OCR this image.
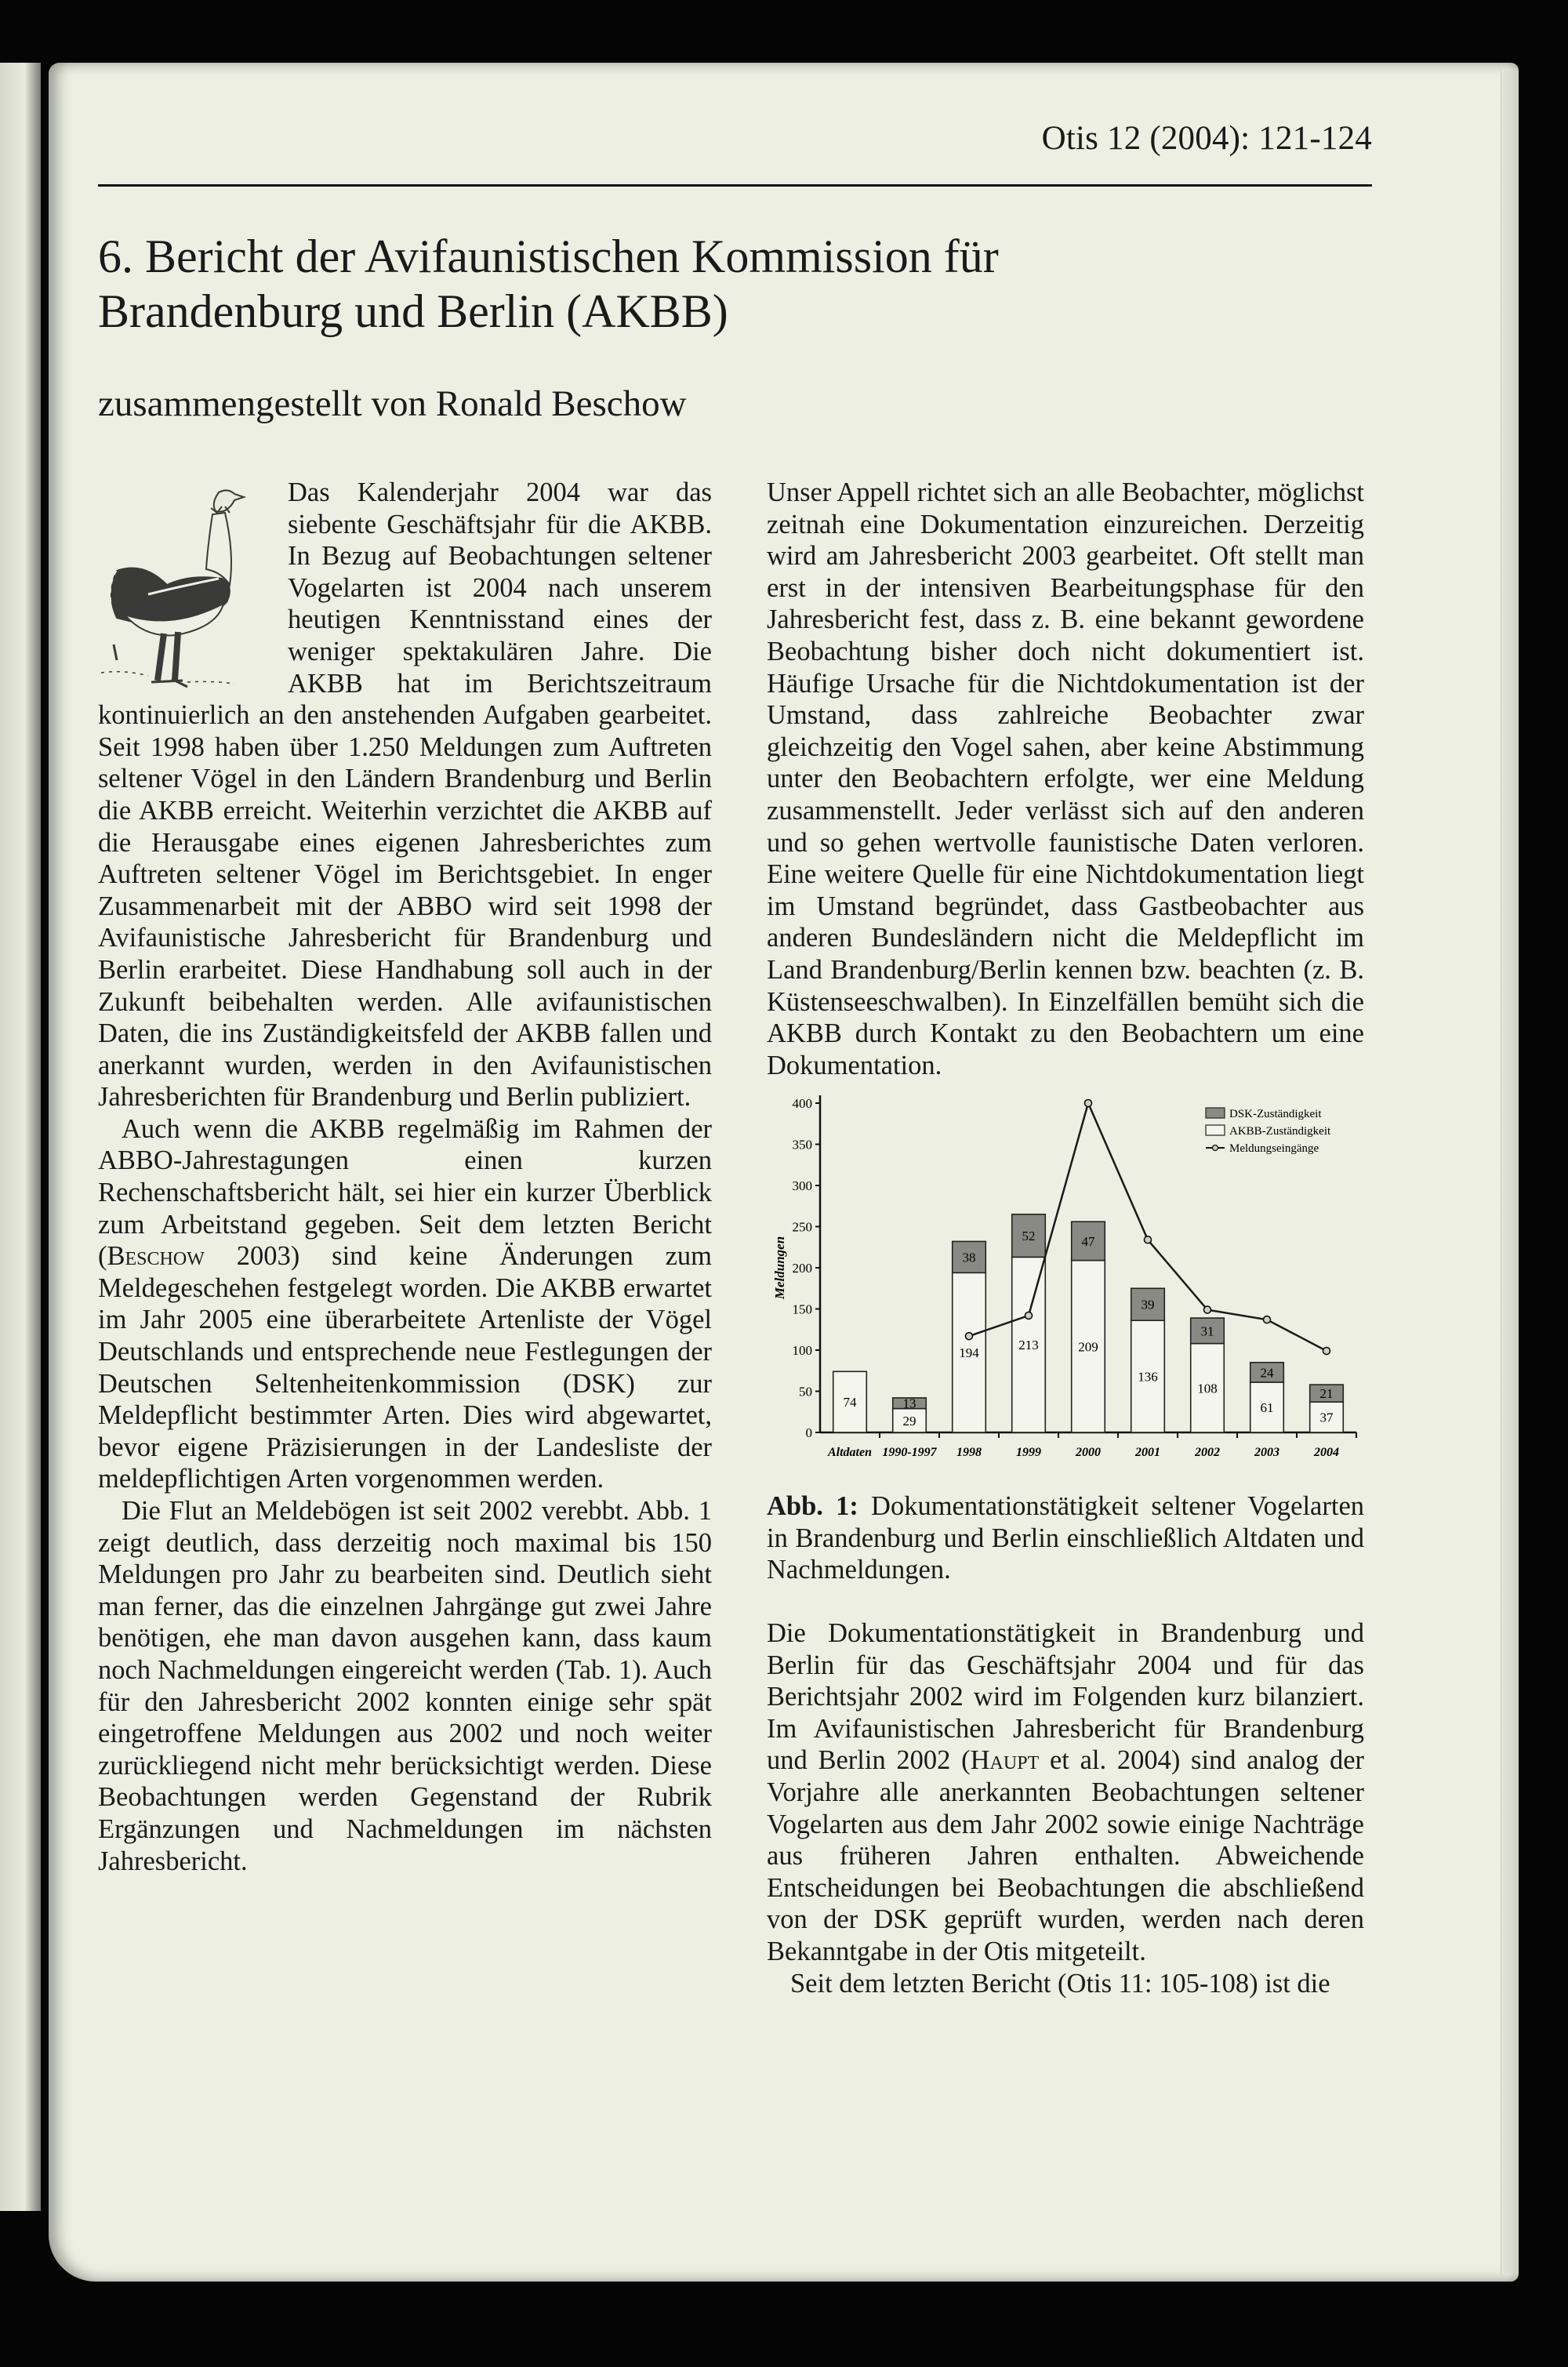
Otis 12 (2004): 121-124
6. Bericht der Avifaunistischen Kommission für
Brandenburg und Berlin (AKBB)
zusammengestellt von Ronald Beschow

Das Kalenderjahr 2004 war das siebente Geschäftsjahr für die AKBB. In Bezug auf Beobachtungen seltener Vogelarten ist 2004 nach unserem heutigen Kenntnisstand eines der weniger spektakulären Jahre. Die AKBB hat im Berichtszeitraum kontinuierlich an den anstehenden Aufgaben gearbeitet. Seit 1998 haben über 1.250 Meldungen zum Auftreten seltener Vögel in den Ländern Brandenburg und Berlin die AKBB erreicht. Weiterhin verzichtet die AKBB auf die Herausgabe eines eigenen Jahresberichtes zum Auftreten seltener Vögel im Berichtsgebiet. In enger Zusammenarbeit mit der ABBO wird seit 1998 der Avifaunistische Jahresbericht für Brandenburg und Berlin erarbeitet. Diese Handhabung soll auch in der Zukunft beibehalten werden. Alle avifaunistischen Daten, die ins Zuständigkeitsfeld der AKBB fallen und anerkannt wurden, werden in den Avifaunistischen Jahresberichten für Brandenburg und Berlin publiziert.

Auch wenn die AKBB regelmäßig im Rahmen der ABBO-Jahrestagungen einen kurzen Rechenschaftsbericht hält, sei hier ein kurzer Überblick zum Arbeitstand gegeben. Seit dem letzten Bericht (Beschow 2003) sind keine Änderungen zum Meldegeschehen festgelegt worden. Die AKBB erwartet im Jahr 2005 eine überarbeitete Artenliste der Vögel Deutschlands und entsprechende neue Festlegungen der Deutschen Seltenheitenkommission (DSK) zur Meldepflicht bestimmter Arten. Dies wird abgewartet, bevor eigene Präzisierungen in der Landesliste der meldepflichtigen Arten vorgenommen werden.

Die Flut an Meldebögen ist seit 2002 verebbt. Abb. 1 zeigt deutlich, dass derzeitig noch maximal bis 150 Meldungen pro Jahr zu bearbeiten sind. Deutlich sieht man ferner, das die einzelnen Jahrgänge gut zwei Jahre benötigen, ehe man davon ausgehen kann, dass kaum noch Nachmeldungen eingereicht werden (Tab. 1). Auch für den Jahresbericht 2002 konnten einige sehr spät eingetroffene Meldungen aus 2002 und noch weiter zurückliegend nicht mehr berücksichtigt werden. Diese Beobachtungen werden Gegenstand der Rubrik Ergänzungen und Nachmeldungen im nächsten Jahresbericht.

Unser Appell richtet sich an alle Beobachter, möglichst zeitnah eine Dokumentation einzureichen. Derzeitig wird am Jahresbericht 2003 gearbeitet. Oft stellt man erst in der intensiven Bearbeitungsphase für den Jahresbericht fest, dass z. B. eine bekannt gewordene Beobachtung bisher doch nicht dokumentiert ist. Häufige Ursache für die Nichtdokumentation ist der Umstand, dass zahlreiche Beobachter zwar gleichzeitig den Vogel sahen, aber keine Abstimmung unter den Beobachtern erfolgte, wer eine Meldung zusammenstellt. Jeder verlässt sich auf den anderen und so gehen wertvolle faunistische Daten verloren. Eine weitere Quelle für eine Nichtdokumentation liegt im Umstand begründet, dass Gastbeobachter aus anderen Bundesländern nicht die Meldepflicht im Land Brandenburg/Berlin kennen bzw. beachten (z. B. Küstenseeschwalben). In Einzelfällen bemüht sich die AKBB durch Kontakt zu den Beobachtern um eine Dokumentation.

0
50
100
150
200
250
300
350
400
Meldungen
74
Altdaten
29
13
1990-1997
194
38
1998
213
52
1999
209
47
2000
136
39
2001
108
31
2002
61
24
2003
37
21
2004
DSK-Zuständigkeit
AKBB-Zuständigkeit
Meldungseingänge

Abb. 1: Dokumentationstätigkeit seltener Vogelarten in Brandenburg und Berlin einschließlich Altdaten und Nachmeldungen.

Die Dokumentationstätigkeit in Brandenburg und Berlin für das Geschäftsjahr 2004 und für das Berichtsjahr 2002 wird im Folgenden kurz bilanziert. Im Avifaunistischen Jahresbericht für Brandenburg und Berlin 2002 (Haupt et al. 2004) sind analog der Vorjahre alle anerkannten Beobachtungen seltener Vogelarten aus dem Jahr 2002 sowie einige Nachträge aus früheren Jahren enthalten. Abweichende Entscheidungen bei Beobachtungen die abschließend von der DSK geprüft wurden, werden nach deren Bekanntgabe in der Otis mitgeteilt.

Seit dem letzten Bericht (Otis 11: 105-108) ist die
